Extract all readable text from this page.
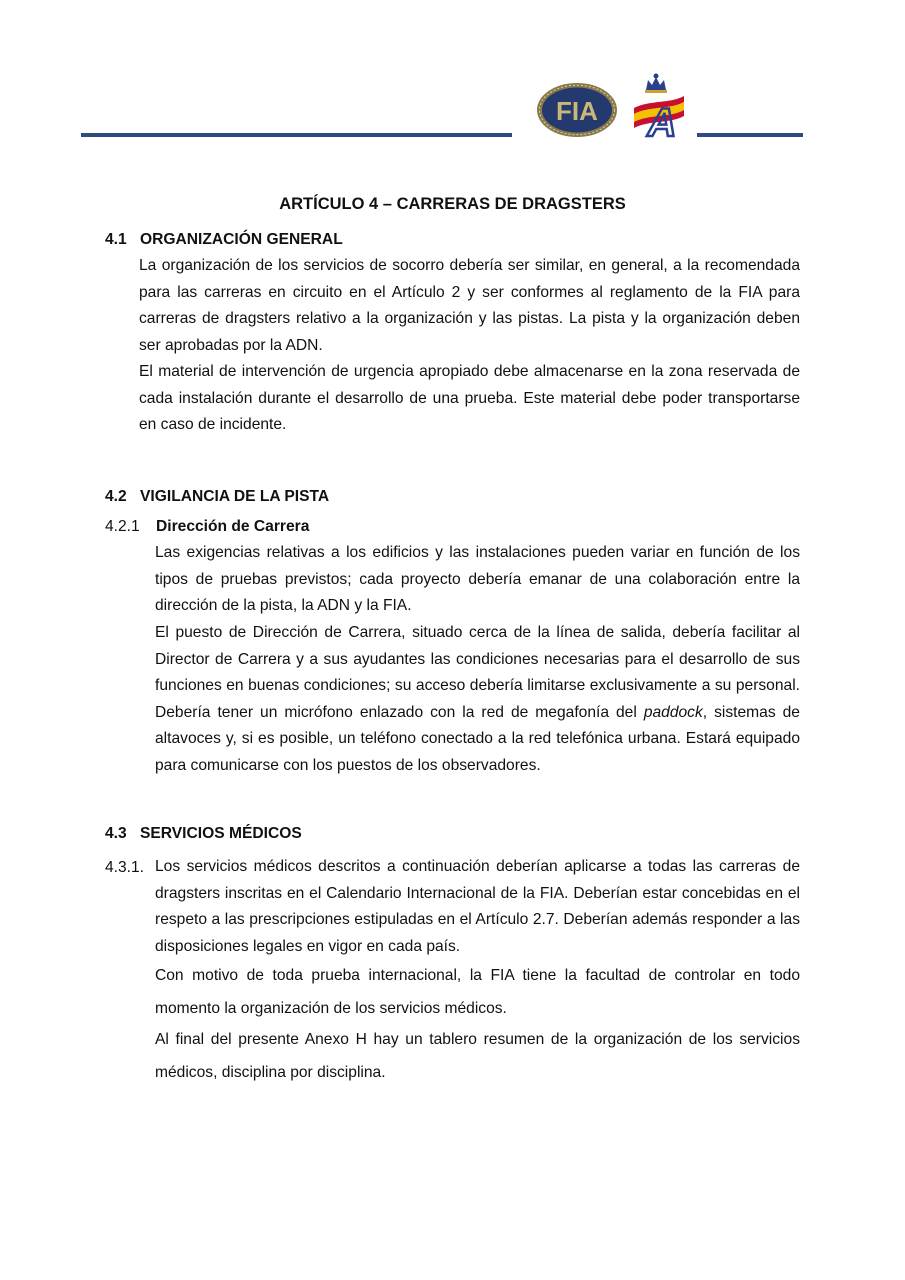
FIA A
ARTÍCULO 4 – CARRERAS DE DRAGSTERS
4.1 ORGANIZACIÓN GENERAL

La organización de los servicios de socorro debería ser similar, en general, a la recomendada para las carreras en circuito en el Artículo 2 y ser conformes al reglamento de la FIA para carreras de dragsters relativo a la organización y las pistas. La pista y la organización deben ser aprobadas por la ADN.

El material de intervención de urgencia apropiado debe almacenarse en la zona reservada de cada instalación durante el desarrollo de una prueba. Este material debe poder transportarse en caso de incidente.

4.2 VIGILANCIA DE LA PISTA
4.2.1 Dirección de Carrera

Las exigencias relativas a los edificios y las instalaciones pueden variar en función de los tipos de pruebas previstos; cada proyecto debería emanar de una colaboración entre la dirección de la pista, la ADN y la FIA.

El puesto de Dirección de Carrera, situado cerca de la línea de salida, debería facilitar al Director de Carrera y a sus ayudantes las condiciones necesarias para el desarrollo de sus funciones en buenas condiciones; su acceso debería limitarse exclusivamente a su personal. Debería tener un micrófono enlazado con la red de megafonía del paddock, sistemas de altavoces y, si es posible, un teléfono conectado a la red telefónica urbana. Estará equipado para comunicarse con los puestos de los observadores.

4.3 SERVICIOS MÉDICOS
4.3.1. Los servicios médicos descritos a continuación deberían aplicarse a todas las carreras de dragsters inscritas en el Calendario Internacional de la FIA. Deberían estar concebidas en el respeto a las prescripciones estipuladas en el Artículo 2.7. Deberían además responder a las disposiciones legales en vigor en cada país.

Con motivo de toda prueba internacional, la FIA tiene la facultad de controlar en todo momento la organización de los servicios médicos.

Al final del presente Anexo H hay un tablero resumen de la organización de los servicios médicos, disciplina por disciplina.
